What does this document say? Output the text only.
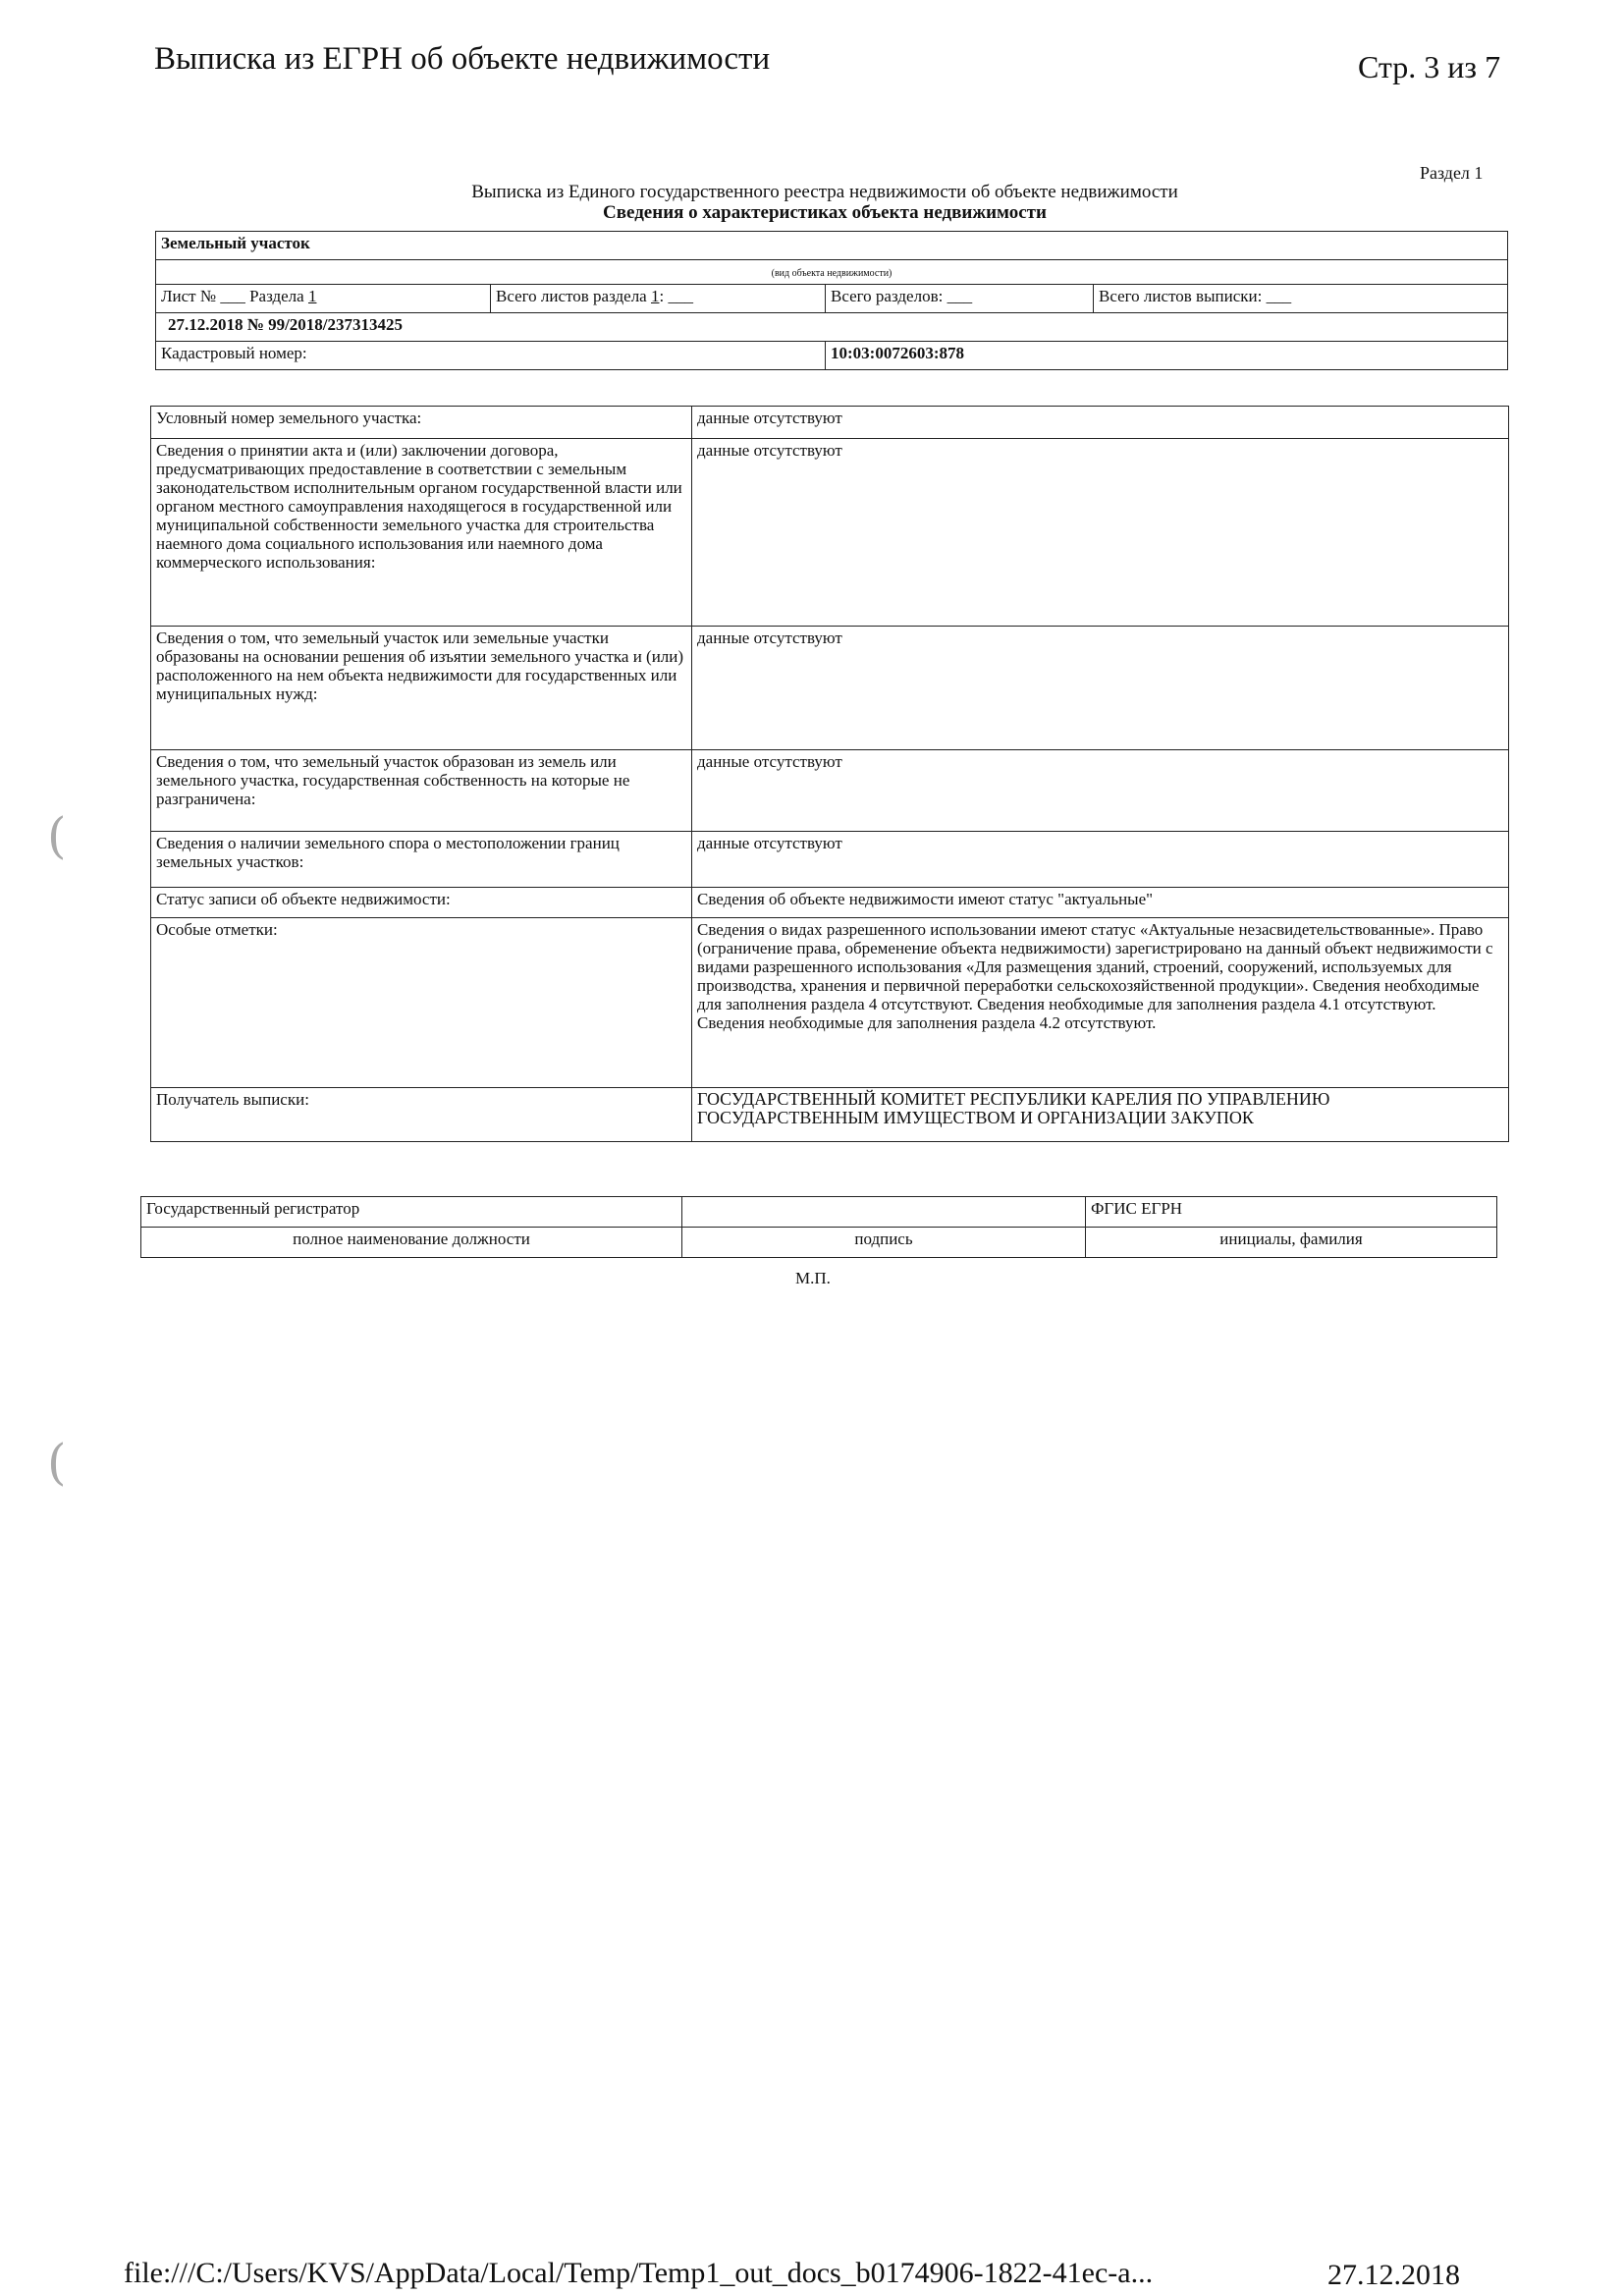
Выписка из ЕГРН об объекте недвижимости	Стр. 3 из 7
Раздел 1
Выписка из Единого государственного реестра недвижимости об объекте недвижимости
Сведения о характеристиках объекта недвижимости
Земельный участок			
(вид объекта недвижимости)			
Лист № ___ Раздела 1	Всего листов раздела 1: ___	Всего разделов: ___	Всего листов выписки: ___
27.12.2018 № 99/2018/237313425			
Кадастровый номер:		10:03:0072603:878	
Условный номер земельного участка:	данные отсутствуют
Сведения о принятии акта и (или) заключении договора, предусматривающих предоставление в соответствии с земельным законодательством исполнительным органом государственной власти или органом местного самоуправления находящегося в государственной или муниципальной собственности земельного участка для строительства наемного дома социального использования или наемного дома коммерческого использования:	данные отсутствуют
Сведения о том, что земельный участок или земельные участки образованы на основании решения об изъятии земельного участка и (или) расположенного на нем объекта недвижимости для государственных или муниципальных нужд:	данные отсутствуют
Сведения о том, что земельный участок образован из земель или земельного участка, государственная собственность на которые не разграничена:	данные отсутствуют
Сведения о наличии земельного спора о местоположении границ земельных участков:	данные отсутствуют
Статус записи об объекте недвижимости:	Сведения об объекте недвижимости имеют статус "актуальные"
Особые отметки:	Сведения о видах разрешенного использовании имеют статус «Актуальные незасвидетельствованные». Право (ограничение права, обременение объекта недвижимости) зарегистрировано на данный объект недвижимости с видами разрешенного использования «Для размещения зданий, строений, сооружений, используемых для производства, хранения и первичной переработки сельскохозяйственной продукции». Сведения необходимые для заполнения раздела 4 отсутствуют. Сведения необходимые для заполнения раздела 4.1 отсутствуют. Сведения необходимые для заполнения раздела 4.2 отсутствуют.
Получатель выписки:	ГОСУДАРСТВЕННЫЙ КОМИТЕТ РЕСПУБЛИКИ КАРЕЛИЯ ПО УПРАВЛЕНИЮ ГОСУДАРСТВЕННЫМ ИМУЩЕСТВОМ И ОРГАНИЗАЦИИ ЗАКУПОК
Государственный регистратор		ФГИС ЕГРН
полное наименование должности	подпись	инициалы, фамилия
М.П.
(
(
file:///C:/Users/KVS/AppData/Local/Temp/Temp1_out_docs_b0174906-1822-41ec-a...	27.12.2018
